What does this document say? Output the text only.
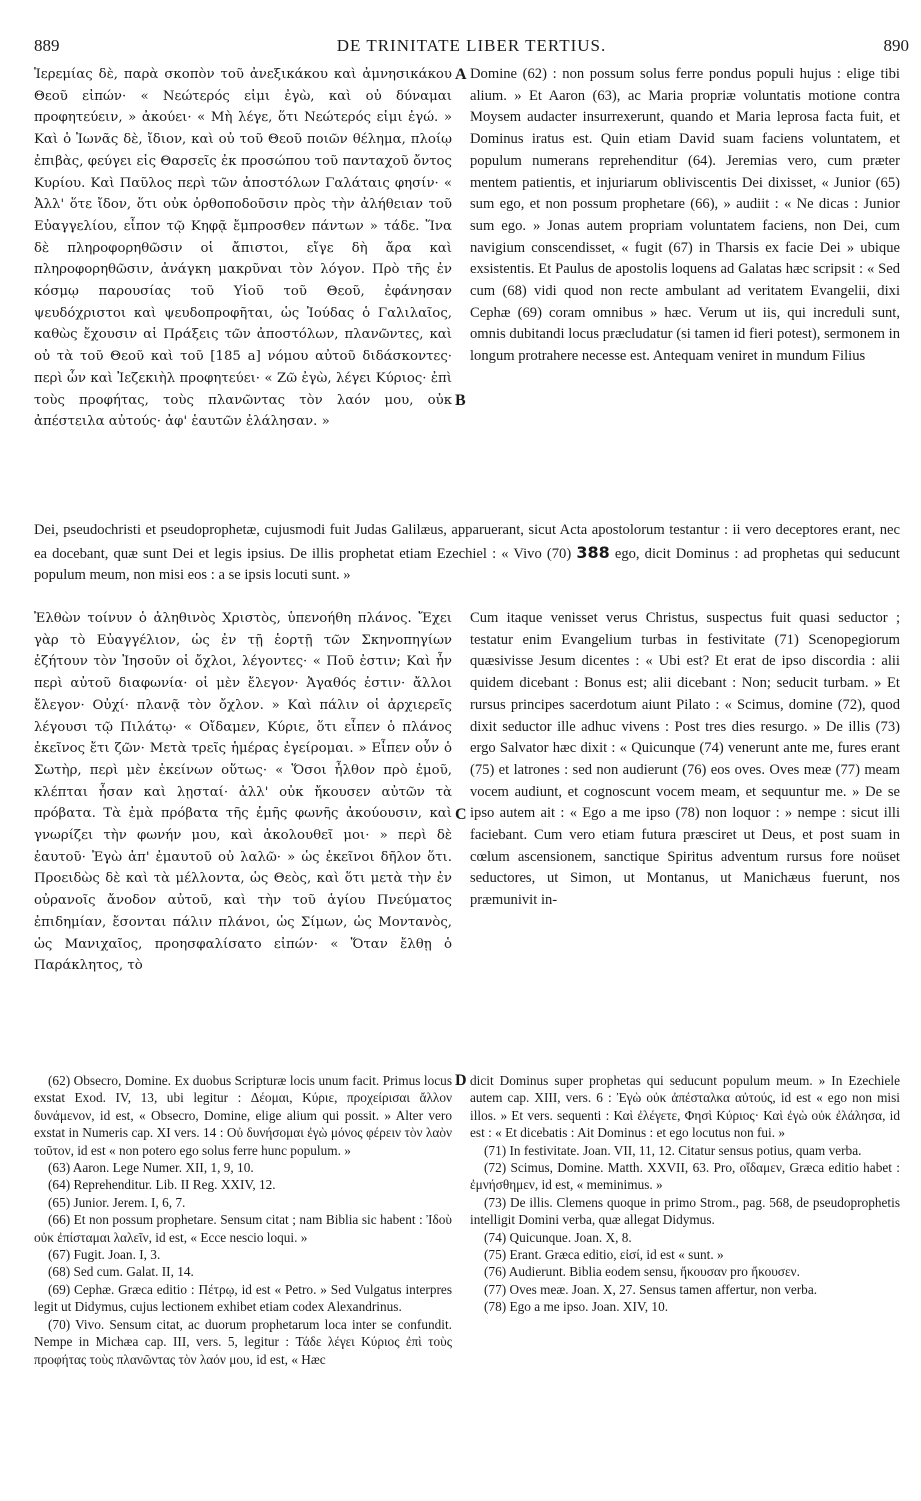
889	DE TRINITATE LIBER TERTIUS.	890

Ἱερεμίας δὲ, παρὰ σκοπὸν τοῦ ἀνεξικάκου καὶ ἀμνησικάκου Θεοῦ εἰπών· « Νεώτερός εἰμι ἐγὼ, καὶ οὐ δύναμαι προφητεύειν, » ἀκούει· « Μὴ λέγε, ὅτι Νεώτερός εἰμι ἐγώ. » Καὶ ὁ Ἰωνᾶς δὲ, ἴδιον, καὶ οὐ τοῦ Θεοῦ ποιῶν θέλημα, πλοίῳ ἐπιβὰς, φεύγει εἰς Θαρσεῖς ἐκ προσώπου τοῦ πανταχοῦ ὄντος Κυρίου. Καὶ Παῦλος περὶ τῶν ἀποστόλων Γαλάταις φησίν· « Ἀλλ' ὅτε ἴδον, ὅτι οὐκ ὀρθοποδοῦσιν πρὸς τὴν ἀλήθειαν τοῦ Εὐαγγελίου, εἶπον τῷ Κηφᾷ ἔμπροσθεν πάντων » τάδε. Ἵνα δὲ πληροφορηθῶσιν οἱ ἄπιστοι, εἴγε δὴ ἄρα καὶ πληροφορηθῶσιν, ἀνάγκη μακρῦναι τὸν λόγον. Πρὸ τῆς ἐν κόσμῳ παρουσίας τοῦ Υἱοῦ τοῦ Θεοῦ, ἐφάνησαν ψευδόχριστοι καὶ ψευδοπροφῆται, ὡς Ἰούδας ὁ Γαλιλαῖος, καθὼς ἔχουσιν αἱ Πράξεις τῶν ἀποστόλων, πλανῶντες, καὶ οὐ τὰ τοῦ Θεοῦ καὶ τοῦ [185 a] νόμου αὐτοῦ διδάσκοντες· περὶ ὧν καὶ Ἰεζεκιὴλ προφητεύει· « Ζῶ ἐγὼ, λέγει Κύριος· ἐπὶ τοὺς προφήτας, τοὺς πλανῶντας τὸν λαόν μου, οὐκ ἀπέστειλα αὐτούς· ἀφ' ἑαυτῶν ἐλάλησαν. »

Domine (62) : non possum solus ferre pondus populi hujus : elige tibi alium. » Et Aaron (63), ac Maria propriæ voluntatis motione contra Moysem audacter insurrexerunt, quando et Maria leprosa facta fuit, et Dominus iratus est. Quin etiam David suam faciens voluntatem, et populum numerans reprehenditur (64). Jeremias vero, cum præter mentem patientis, et injuriarum obliviscentis Dei dixisset, « Junior (65) sum ego, et non possum prophetare (66), » audiit : « Ne dicas : Junior sum ego. » Jonas autem propriam voluntatem faciens, non Dei, cum navigium conscendisset, « fugit (67) in Tharsis ex facie Dei » ubique exsistentis. Et Paulus de apostolis loquens ad Galatas hæc scripsit : « Sed cum (68) vidi quod non recte ambulant ad veritatem Evangelii, dixi Cephæ (69) coram omnibus » hæc. Verum ut iis, qui increduli sunt, omnis dubitandi locus præcludatur (si tamen id fieri potest), sermonem in longum protrahere necesse est. Antequam veniret in mundum Filius

Dei, pseudochristi et pseudoprophetæ, cujusmodi fuit Judas Galilæus, apparuerant, sicut Acta apostolorum testantur : ii vero deceptores erant, nec ea docebant, quæ sunt Dei et legis ipsius. De illis prophetat etiam Ezechiel : « Vivo (70) 388 ego, dicit Dominus : ad prophetas qui seducunt populum meum, non misi eos : a se ipsis locuti sunt. »

Ἐλθὼν τοίνυν ὁ ἀληθινὸς Χριστὸς, ὑπενοήθη πλάνος. Ἔχει γὰρ τὸ Εὐαγγέλιον, ὡς ἐν τῇ ἑορτῇ τῶν Σκηνοπηγίων ἐζήτουν τὸν Ἰησοῦν οἱ ὄχλοι, λέγοντες· « Ποῦ ἐστιν; Καὶ ἦν περὶ αὐτοῦ διαφωνία· οἱ μὲν ἔλεγον· Ἀγαθός ἐστιν· ἄλλοι ἔλεγον· Οὐχί· πλανᾷ τὸν ὄχλον. » Καὶ πάλιν οἱ ἀρχιερεῖς λέγουσι τῷ Πιλάτῳ· « Οἴδαμεν, Κύριε, ὅτι εἶπεν ὁ πλάνος ἐκεῖνος ἔτι ζῶν· Μετὰ τρεῖς ἡμέρας ἐγείρομαι. » Εἶπεν οὖν ὁ Σωτὴρ, περὶ μὲν ἐκείνων οὕτως· « Ὅσοι ἦλθον πρὸ ἐμοῦ, κλέπται ἦσαν καὶ λῃσταί· ἀλλ' οὐκ ἤκουσεν αὐτῶν τὰ πρόβατα. Τὰ ἐμὰ πρόβατα τῆς ἐμῆς φωνῆς ἀκούουσιν, καὶ γνωρίζει τὴν φωνήν μου, καὶ ἀκολουθεῖ μοι· » περὶ δὲ ἑαυτοῦ· Ἐγὼ ἀπ' ἐμαυτοῦ οὐ λαλῶ· » ὡς ἐκεῖνοι δῆλον ὅτι. Προειδὼς δὲ καὶ τὰ μέλλοντα, ὡς Θεὸς, καὶ ὅτι μετὰ τὴν ἐν οὐρανοῖς ἄνοδον αὐτοῦ, καὶ τὴν τοῦ ἁγίου Πνεύματος ἐπιδημίαν, ἔσονται πάλιν πλάνοι, ὡς Σίμων, ὡς Μοντανὸς, ὡς Μανιχαῖος, προησφαλίσατο εἰπών· « Ὅταν ἔλθῃ ὁ Παράκλητος, τὸ

Cum itaque venisset verus Christus, suspectus fuit quasi seductor ; testatur enim Evangelium turbas in festivitate (71) Scenopegiorum quæsivisse Jesum dicentes : « Ubi est? Et erat de ipso discordia : alii quidem dicebant : Bonus est; alii dicebant : Non; seducit turbam. » Et rursus principes sacerdotum aiunt Pilato : « Scimus, domine (72), quod dixit seductor ille adhuc vivens : Post tres dies resurgo. » De illis (73) ergo Salvator hæc dixit : « Quicunque (74) venerunt ante me, fures erant (75) et latrones : sed non audierunt (76) eos oves. Oves meæ (77) meam vocem audiunt, et cognoscunt vocem meam, et sequuntur me. » De se ipso autem ait : « Ego a me ipso (78) non loquor : » nempe : sicut illi faciebant. Cum vero etiam futura præsciret ut Deus, et post suam in cœlum ascensionem, sanctique Spiritus adventum rursus fore noüset seductores, ut Simon, ut Montanus, ut Manichæus fuerunt, nos præmunivit in-

(62) Obsecro, Domine. Ex duobus Scripturæ locis unum facit. Primus locus exstat Exod. IV, 13, ubi legitur : Δέομαι, Κύριε, προχείρισαι ἄλλον δυνάμενον, id est, « Obsecro, Domine, elige alium qui possit. » Alter vero exstat in Numeris cap. XI vers. 14 : Οὐ δυνήσομαι ἐγὼ μόνος φέρειν τὸν λαὸν τοῦτον, id est « non potero ego solus ferre hunc populum. »

(63) Aaron. Lege Numer. XII, 1, 9, 10.

(64) Reprehenditur. Lib. II Reg. XXIV, 12.

(65) Junior. Jerem. I, 6, 7.

(66) Et non possum prophetare. Sensum citat ; nam Biblia sic habent : Ἰδοὺ οὐκ ἐπίσταμαι λαλεῖν, id est, « Ecce nescio loqui. »

(67) Fugit. Joan. I, 3.

(68) Sed cum. Galat. II, 14.

(69) Cephæ. Græca editio : Πέτρῳ, id est « Petro. » Sed Vulgatus interpres legit ut Didymus, cujus lectionem exhibet etiam codex Alexandrinus.

(70) Vivo. Sensum citat, ac duorum prophetarum loca inter se confundit. Nempe in Michæa cap. III, vers. 5, legitur : Τάδε λέγει Κύριος ἐπὶ τοὺς προφήτας τοὺς πλανῶντας τὸν λαόν μου, id est, « Hæc

dicit Dominus super prophetas qui seducunt populum meum. » In Ezechiele autem cap. XIII, vers. 6 : Ἐγὼ οὐκ ἀπέσταλκα αὐτούς, id est « ego non misi illos. » Et vers. sequenti : Καὶ ἐλέγετε, Φησὶ Κύριος· Καὶ ἐγὼ οὐκ ἐλάλησα, id est : « Et dicebatis : Ait Dominus : et ego locutus non fui. »

(71) In festivitate. Joan. VII, 11, 12. Citatur sensus potius, quam verba.

(72) Scimus, Domine. Matth. XXVII, 63. Pro, οἴδαμεν, Græca editio habet : ἐμνήσθημεν, id est, « meminimus. »

(73) De illis. Clemens quoque in primo Strom., pag. 568, de pseudoprophetis intelligit Domini verba, quæ allegat Didymus.

(74) Quicunque. Joan. X, 8.

(75) Erant. Græca editio, εἰσί, id est « sunt. »

(76) Audierunt. Biblia eodem sensu, ἤκουσαν pro ἤκουσεν.

(77) Oves meæ. Joan. X, 27. Sensus tamen affertur, non verba.

(78) Ego a me ipso. Joan. XIV, 10.

A
B
C
D
